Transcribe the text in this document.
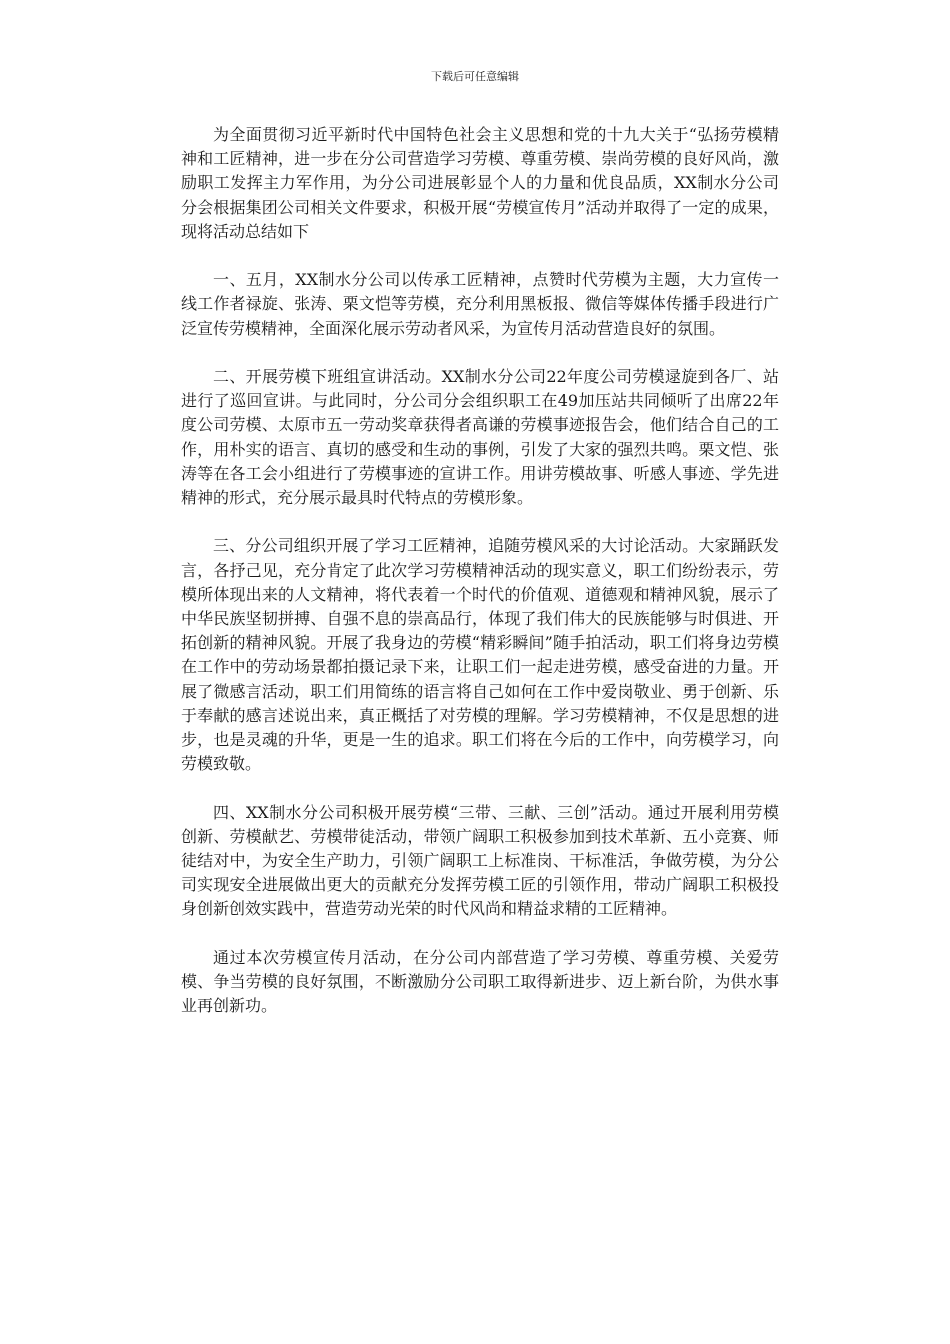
下载后可任意编辑

为全面贯彻习近平新时代中国特色社会主义思想和党的十九大关于“弘扬劳模精神和工匠精神，进一步在分公司营造学习劳模、尊重劳模、崇尚劳模的良好风尚，激励职工发挥主力军作用，为分公司进展彰显个人的力量和优良品质，XX制水分公司分会根据集团公司相关文件要求，积极开展“劳模宣传月”活动并取得了一定的成果，现将活动总结如下

一、五月，XX制水分公司以传承工匠精神，点赞时代劳模为主题，大力宣传一线工作者禄旋、张涛、栗文恺等劳模，充分利用黑板报、微信等媒体传播手段进行广泛宣传劳模精神，全面深化展示劳动者风采，为宣传月活动营造良好的氛围。

二、开展劳模下班组宣讲活动。XX制水分公司22年度公司劳模逯旋到各厂、站进行了巡回宣讲。与此同时，分公司分会组织职工在49加压站共同倾听了出席22年度公司劳模、太原市五一劳动奖章获得者高谦的劳模事迹报告会，他们结合自己的工作，用朴实的语言、真切的感受和生动的事例，引发了大家的强烈共鸣。栗文恺、张涛等在各工会小组进行了劳模事迹的宣讲工作。用讲劳模故事、听感人事迹、学先进精神的形式，充分展示最具时代特点的劳模形象。

三、分公司组织开展了学习工匠精神，追随劳模风采的大讨论活动。大家踊跃发言，各抒己见，充分肯定了此次学习劳模精神活动的现实意义，职工们纷纷表示，劳模所体现出来的人文精神，将代表着一个时代的价值观、道德观和精神风貌，展示了中华民族坚韧拼搏、自强不息的崇高品行，体现了我们伟大的民族能够与时俱进、开拓创新的精神风貌。开展了我身边的劳模“精彩瞬间”随手拍活动，职工们将身边劳模在工作中的劳动场景都拍摄记录下来，让职工们一起走进劳模，感受奋进的力量。开展了微感言活动，职工们用简练的语言将自己如何在工作中爱岗敬业、勇于创新、乐于奉献的感言述说出来，真正概括了对劳模的理解。学习劳模精神，不仅是思想的进步，也是灵魂的升华，更是一生的追求。职工们将在今后的工作中，向劳模学习，向劳模致敬。

四、XX制水分公司积极开展劳模“三带、三献、三创”活动。通过开展利用劳模创新、劳模献艺、劳模带徒活动，带领广阔职工积极参加到技术革新、五小竞赛、师徒结对中，为安全生产助力，引领广阔职工上标准岗、干标准活，争做劳模，为分公司实现安全进展做出更大的贡献充分发挥劳模工匠的引领作用，带动广阔职工积极投身创新创效实践中，营造劳动光荣的时代风尚和精益求精的工匠精神。

通过本次劳模宣传月活动，在分公司内部营造了学习劳模、尊重劳模、关爱劳模、争当劳模的良好氛围，不断激励分公司职工取得新进步、迈上新台阶，为供水事业再创新功。
